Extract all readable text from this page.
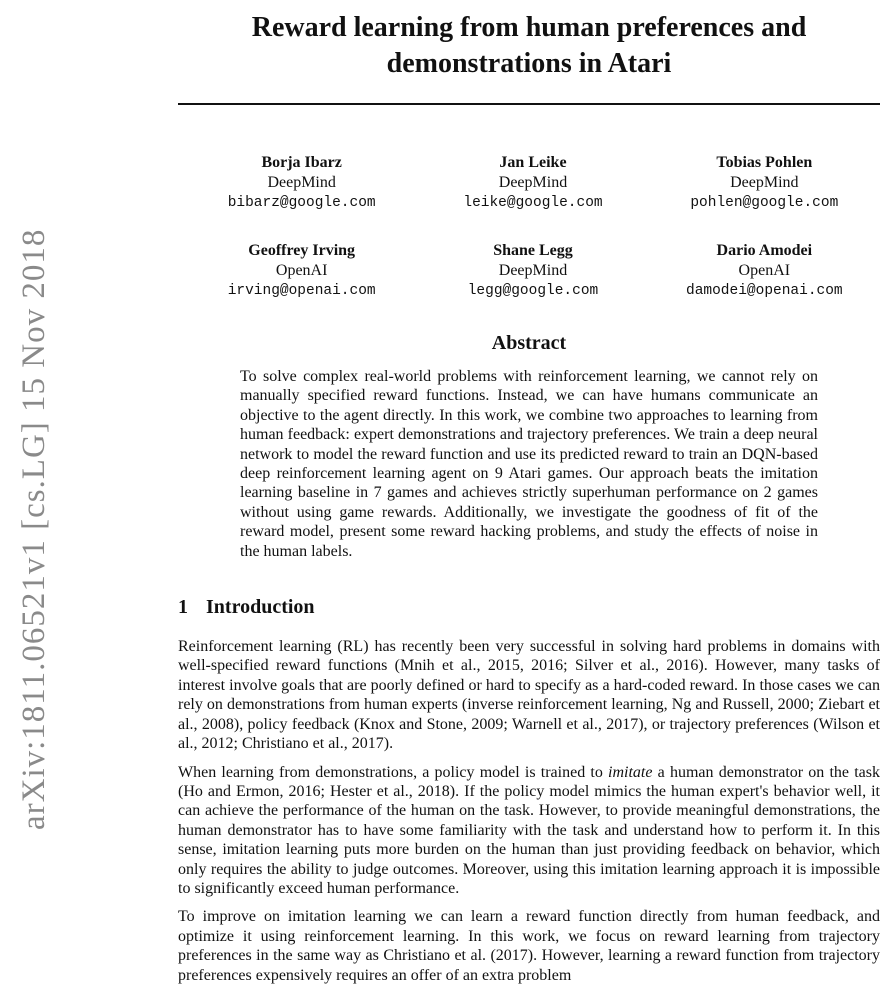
arXiv:1811.06521v1 [cs.LG] 15 Nov 2018
Reward learning from human preferences and demonstrations in Atari
Borja Ibarz
DeepMind
bibarz@google.com
Jan Leike
DeepMind
leike@google.com
Tobias Pohlen
DeepMind
pohlen@google.com
Geoffrey Irving
OpenAI
irving@openai.com
Shane Legg
DeepMind
legg@google.com
Dario Amodei
OpenAI
damodei@openai.com
Abstract

To solve complex real-world problems with reinforcement learning, we cannot rely on manually specified reward functions. Instead, we can have humans communicate an objective to the agent directly. In this work, we combine two approaches to learning from human feedback: expert demonstrations and trajectory preferences. We train a deep neural network to model the reward function and use its predicted reward to train an DQN-based deep reinforcement learning agent on 9 Atari games. Our approach beats the imitation learning baseline in 7 games and achieves strictly superhuman performance on 2 games without using game rewards. Additionally, we investigate the goodness of fit of the reward model, present some reward hacking problems, and study the effects of noise in the human labels.

1 Introduction

Reinforcement learning (RL) has recently been very successful in solving hard problems in domains with well-specified reward functions (Mnih et al., 2015, 2016; Silver et al., 2016). However, many tasks of interest involve goals that are poorly defined or hard to specify as a hard-coded reward. In those cases we can rely on demonstrations from human experts (inverse reinforcement learning, Ng and Russell, 2000; Ziebart et al., 2008), policy feedback (Knox and Stone, 2009; Warnell et al., 2017), or trajectory preferences (Wilson et al., 2012; Christiano et al., 2017).

When learning from demonstrations, a policy model is trained to imitate a human demonstrator on the task (Ho and Ermon, 2016; Hester et al., 2018). If the policy model mimics the human expert's behavior well, it can achieve the performance of the human on the task. However, to provide meaningful demonstrations, the human demonstrator has to have some familiarity with the task and understand how to perform it. In this sense, imitation learning puts more burden on the human than just providing feedback on behavior, which only requires the ability to judge outcomes. Moreover, using this imitation learning approach it is impossible to significantly exceed human performance.

To improve on imitation learning we can learn a reward function directly from human feedback, and optimize it using reinforcement learning. In this work, we focus on reward learning from trajectory preferences in the same way as Christiano et al. (2017). However, learning a reward function from trajectory preferences expensively requires an offer of an extra problem
